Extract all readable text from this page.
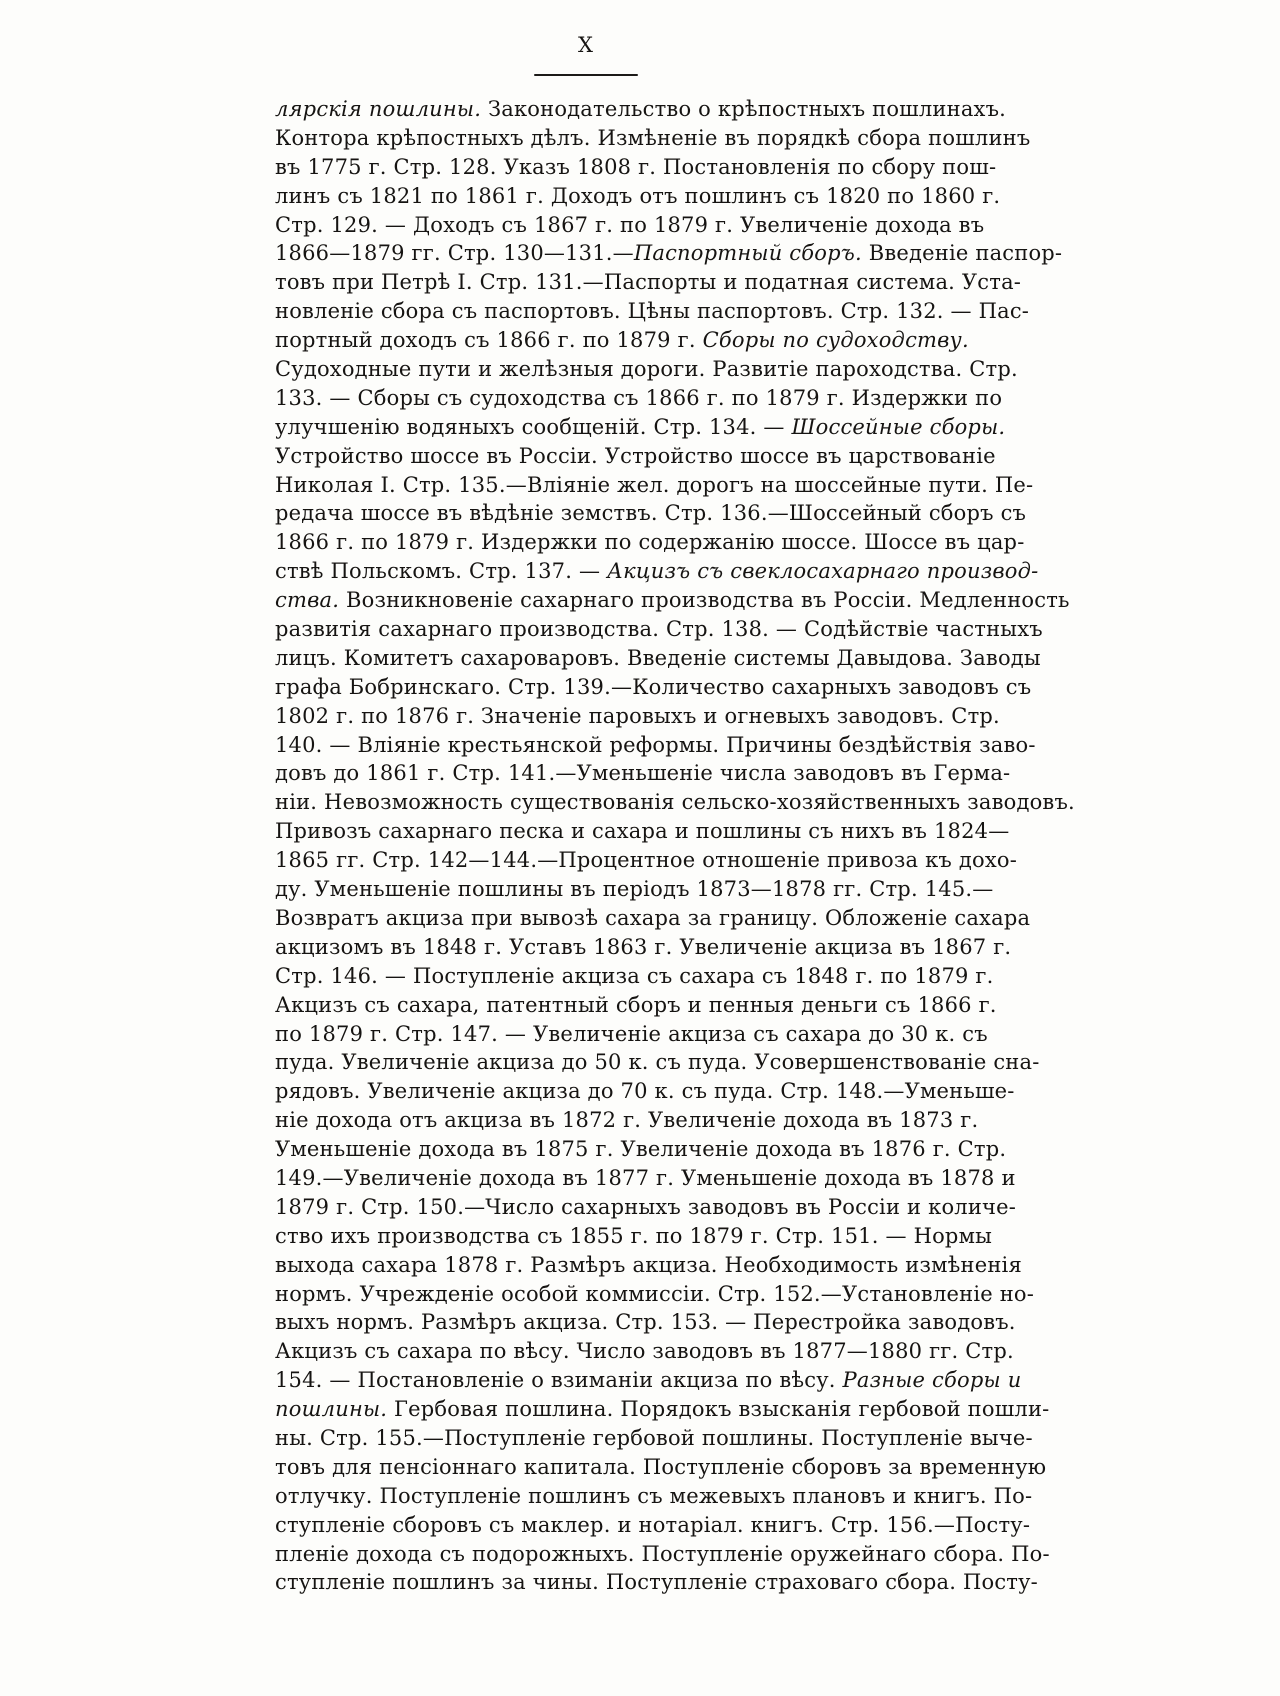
X
лярскія пошлины. Законодательство о крѣпостныхъ пошлинахъ.
Контора крѣпостныхъ дѣлъ. Измѣненіе въ порядкѣ сбора пошлинъ
въ 1775 г. Стр. 128. Указъ 1808 г. Постановленія по сбору пош-
линъ съ 1821 по 1861 г. Доходъ отъ пошлинъ съ 1820 по 1860 г.
Стр. 129. — Доходъ съ 1867 г. по 1879 г. Увеличеніе дохода въ
1866—1879 гг. Стр. 130—131.—Паспортный сборъ. Введеніе паспор-
товъ при Петрѣ I. Стр. 131.—Паспорты и податная система. Уста-
новленіе сбора съ паспортовъ. Цѣны паспортовъ. Стр. 132. — Пас-
портный доходъ съ 1866 г. по 1879 г. Сборы по судоходству.
Судоходные пути и желѣзныя дороги. Развитіе пароходства. Стр.
133. — Сборы съ судоходства съ 1866 г. по 1879 г. Издержки по
улучшенію водяныхъ сообщеній. Стр. 134. — Шоссейные сборы.
Устройство шоссе въ Россіи. Устройство шоссе въ царствованіе
Николая I. Стр. 135.—Вліяніе жел. дорогъ на шоссейные пути. Пе-
редача шоссе въ вѣдѣніе земствъ. Стр. 136.—Шоссейный сборъ съ
1866 г. по 1879 г. Издержки по содержанію шоссе. Шоссе въ цар-
ствѣ Польскомъ. Стр. 137. — Акцизъ съ свеклосахарнаго производ-
ства. Возникновеніе сахарнаго производства въ Россіи. Медленность
развитія сахарнаго производства. Стр. 138. — Содѣйствіе частныхъ
лицъ. Комитетъ сахароваровъ. Введеніе системы Давыдова. Заводы
графа Бобринскаго. Стр. 139.—Количество сахарныхъ заводовъ съ
1802 г. по 1876 г. Значеніе паровыхъ и огневыхъ заводовъ. Стр.
140. — Вліяніе крестьянской реформы. Причины бездѣйствія заво-
довъ до 1861 г. Стр. 141.—Уменьшеніе числа заводовъ въ Герма-
ніи. Невозможность существованія сельско-хозяйственныхъ заводовъ.
Привозъ сахарнаго песка и сахара и пошлины съ нихъ въ 1824—
1865 гг. Стр. 142—144.—Процентное отношеніе привоза къ дохо-
ду. Уменьшеніе пошлины въ періодъ 1873—1878 гг. Стр. 145.—
Возвратъ акциза при вывозѣ сахара за границу. Обложеніе сахара
акцизомъ въ 1848 г. Уставъ 1863 г. Увеличеніе акциза въ 1867 г.
Стр. 146. — Поступленіе акциза съ сахара съ 1848 г. по 1879 г.
Акцизъ съ сахара, патентный сборъ и пенныя деньги съ 1866 г.
по 1879 г. Стр. 147. — Увеличеніе акциза съ сахара до 30 к. съ
пуда. Увеличеніе акциза до 50 к. съ пуда. Усовершенствованіе сна-
рядовъ. Увеличеніе акциза до 70 к. съ пуда. Стр. 148.—Уменьше-
ніе дохода отъ акциза въ 1872 г. Увеличеніе дохода въ 1873 г.
Уменьшеніе дохода въ 1875 г. Увеличеніе дохода въ 1876 г. Стр.
149.—Увеличеніе дохода въ 1877 г. Уменьшеніе дохода въ 1878 и
1879 г. Стр. 150.—Число сахарныхъ заводовъ въ Россіи и количе-
ство ихъ производства съ 1855 г. по 1879 г. Стр. 151. — Нормы
выхода сахара 1878 г. Размѣръ акциза. Необходимость измѣненія
нормъ. Учрежденіе особой коммиссіи. Стр. 152.—Установленіе но-
выхъ нормъ. Размѣръ акциза. Стр. 153. — Перестройка заводовъ.
Акцизъ съ сахара по вѣсу. Число заводовъ въ 1877—1880 гг. Стр.
154. — Постановленіе о взиманіи акциза по вѣсу. Разные сборы и
пошлины. Гербовая пошлина. Порядокъ взысканія гербовой пошли-
ны. Стр. 155.—Поступленіе гербовой пошлины. Поступленіе выче-
товъ для пенсіоннаго капитала. Поступленіе сборовъ за временную
отлучку. Поступленіе пошлинъ съ межевыхъ плановъ и книгъ. По-
ступленіе сборовъ съ маклер. и нотаріал. книгъ. Стр. 156.—Посту-
пленіе дохода съ подорожныхъ. Поступленіе оружейнаго сбора. По-
ступленіе пошлинъ за чины. Поступленіе страховаго сбора. Посту-
